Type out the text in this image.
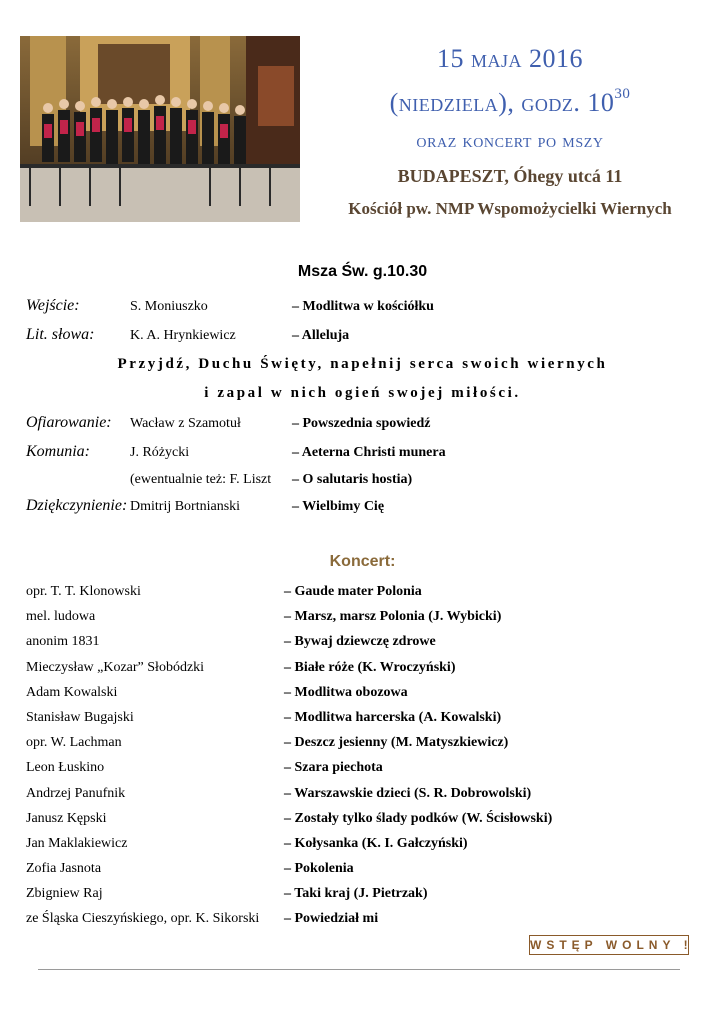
15 maja 2016
(niedziela), godz. $10^{30}$
oraz koncert po mszy
BUDAPESZT, Óhegy utcá 11
Kościół pw. NMP Wspomożycielki Wiernych
Msza Św. g.10.30
Wejście:	S. Moniuszko	– Modlitwa w kościółku
Lit. słowa:	K. A. Hrynkiewicz	– Alleluja
Przyjdź, Duchu Święty, napełnij serca swoich wiernych
i zapal w nich ogień swojej miłości.
Ofiarowanie: Wacław z Szamotuł	– Powszednia spowiedź
Komunia:	J. Różycki	– Aeterna Christi munera
(ewentualnie też: F. Liszt – O salutaris hostia)
Dziękczynienie: Dmitrij Bortnianski	– Wielbimy Cię
Koncert:
opr. T. T. Klonowski	– Gaude mater Polonia
mel. ludowa	– Marsz, marsz Polonia (J. Wybicki)
anonim 1831	– Bywaj dziewczę zdrowe
Mieczysław „Kozar” Słobódzki	– Białe róże (K. Wroczyński)
Adam Kowalski	– Modlitwa obozowa
Stanisław Bugajski	– Modlitwa harcerska (A. Kowalski)
opr. W. Lachman	– Deszcz jesienny (M. Matyszkiewicz)
Leon Łuskino	– Szara piechota
Andrzej Panufnik	– Warszawskie dzieci (S. R. Dobrowolski)
Janusz Kępski	– Zostały tylko ślady podków (W. Ścisłowski)
Jan Maklakiewicz	– Kołysanka (K. I. Gałczyński)
Zofia Jasnota	– Pokolenia
Zbigniew Raj	– Taki kraj (J. Pietrzak)
ze Śląska Cieszyńskiego, opr. K. Sikorski – Powiedział mi
WSTĘP WOLNY !
